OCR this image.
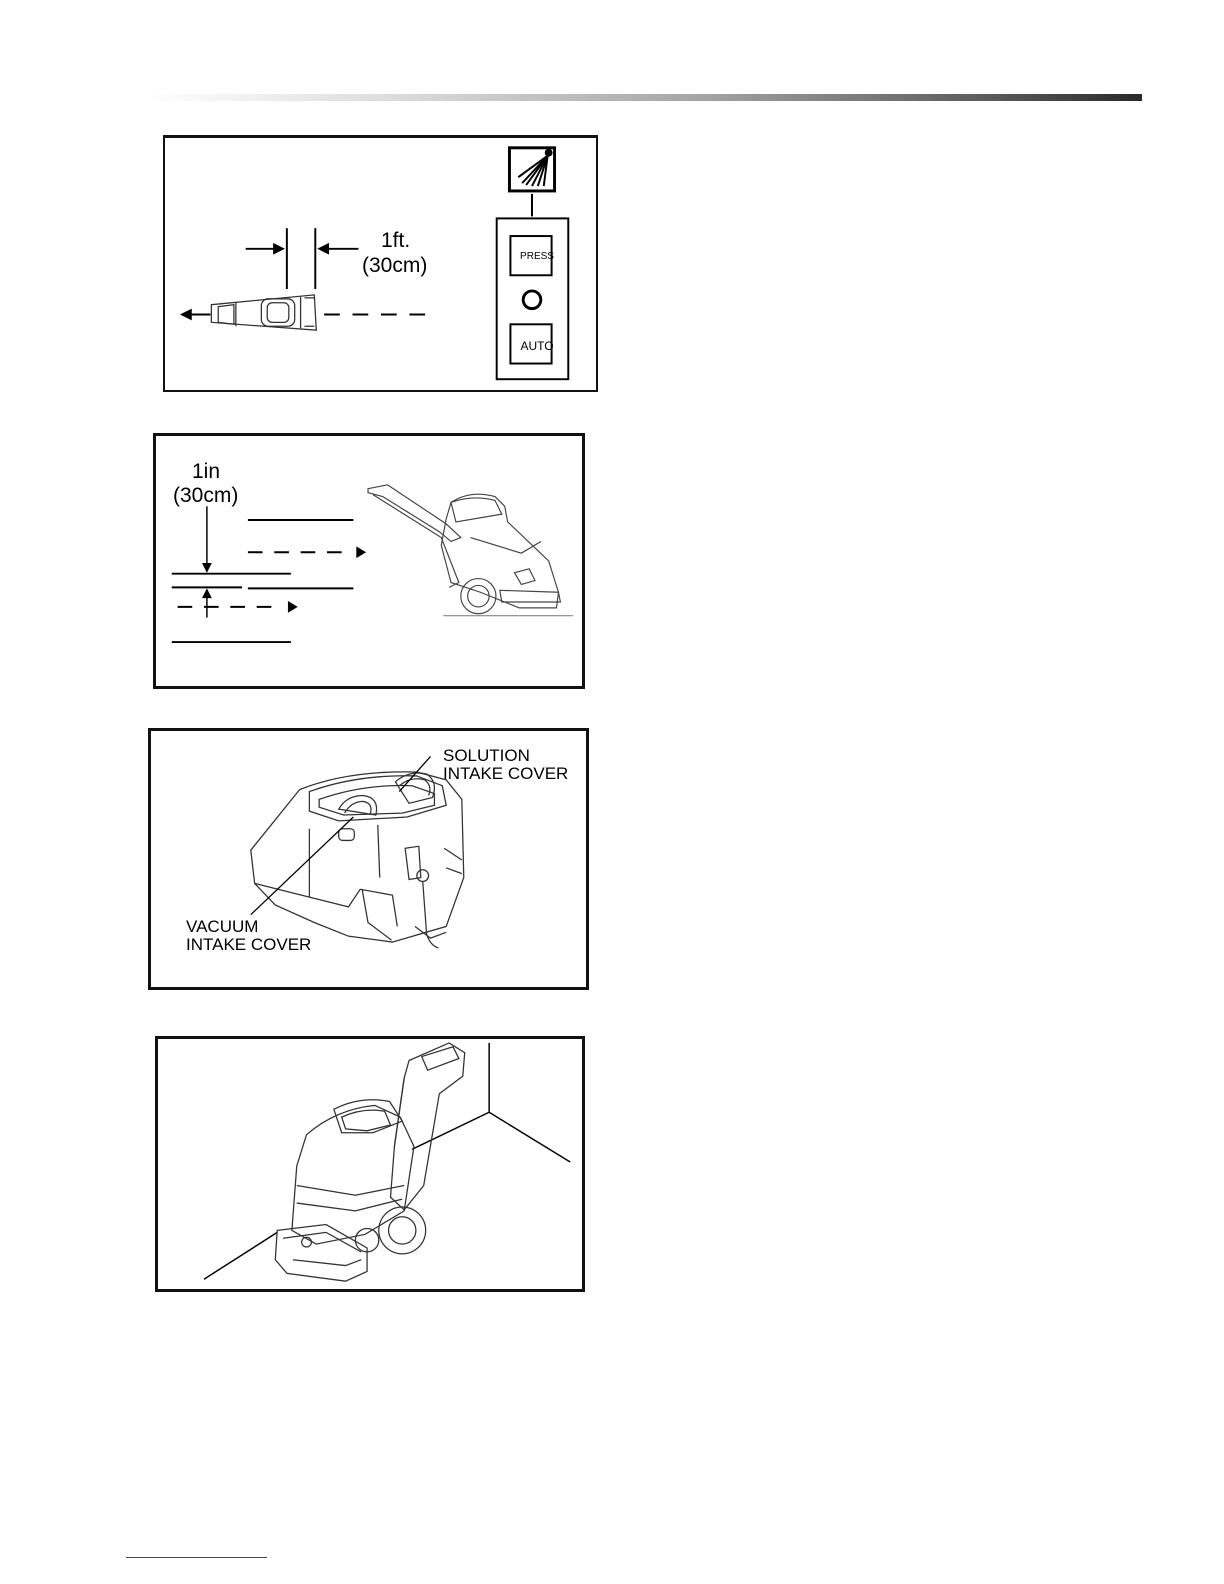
1ft.
(30cm)	PRESS
AUTO
1in
(30cm)
SOLUTION
INTAKE COVER
VACUUM
INTAKE COVER
